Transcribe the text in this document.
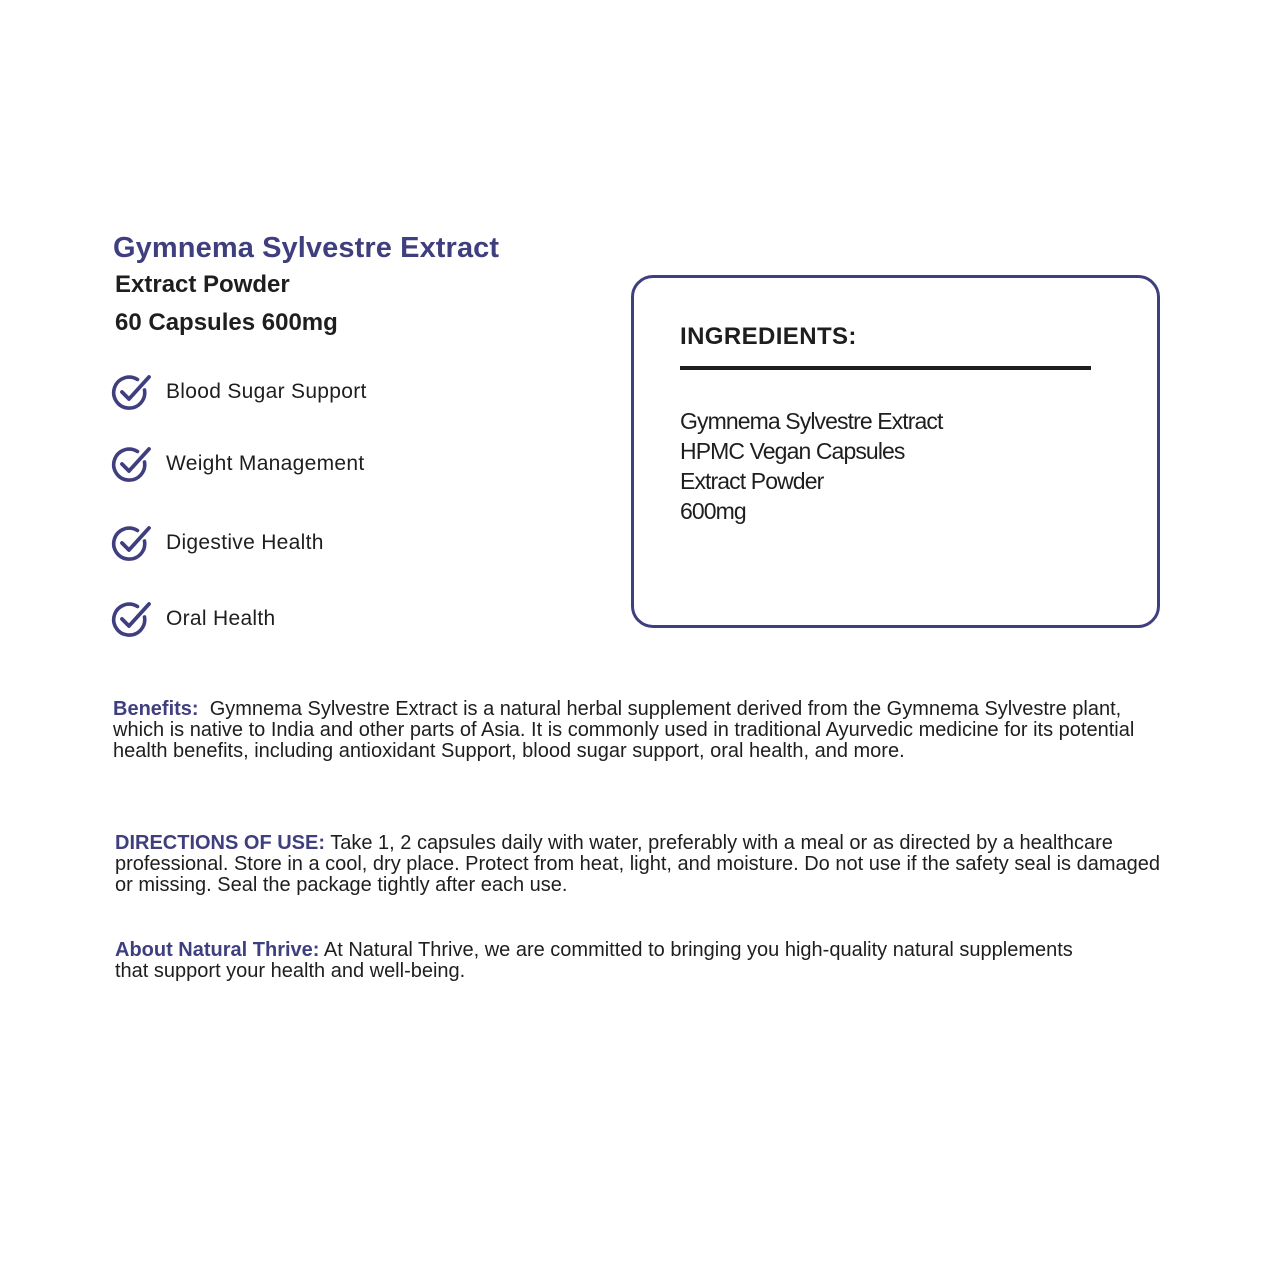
Gymnema Sylvestre Extract

Extract Powder

60 Capsules 600mg

Blood Sugar Support
Weight Management
Digestive Health
Oral Health
INGREDIENTS:
Gymnema Sylvestre Extract
HPMC Vegan Capsules
Extract Powder
600mg

Benefits: Gymnema Sylvestre Extract is a natural herbal supplement derived from the Gymnema Sylvestre plant, which is native to India and other parts of Asia. It is commonly used in traditional Ayurvedic medicine for its potential health benefits, including antioxidant Support, blood sugar support, oral health, and more.

DIRECTIONS OF USE: Take 1, 2 capsules daily with water, preferably with a meal or as directed by a healthcare professional. Store in a cool, dry place. Protect from heat, light, and moisture. Do not use if the safety seal is damaged or missing. Seal the package tightly after each use.

About Natural Thrive: At Natural Thrive, we are committed to bringing you high-quality natural supplements that support your health and well-being.
